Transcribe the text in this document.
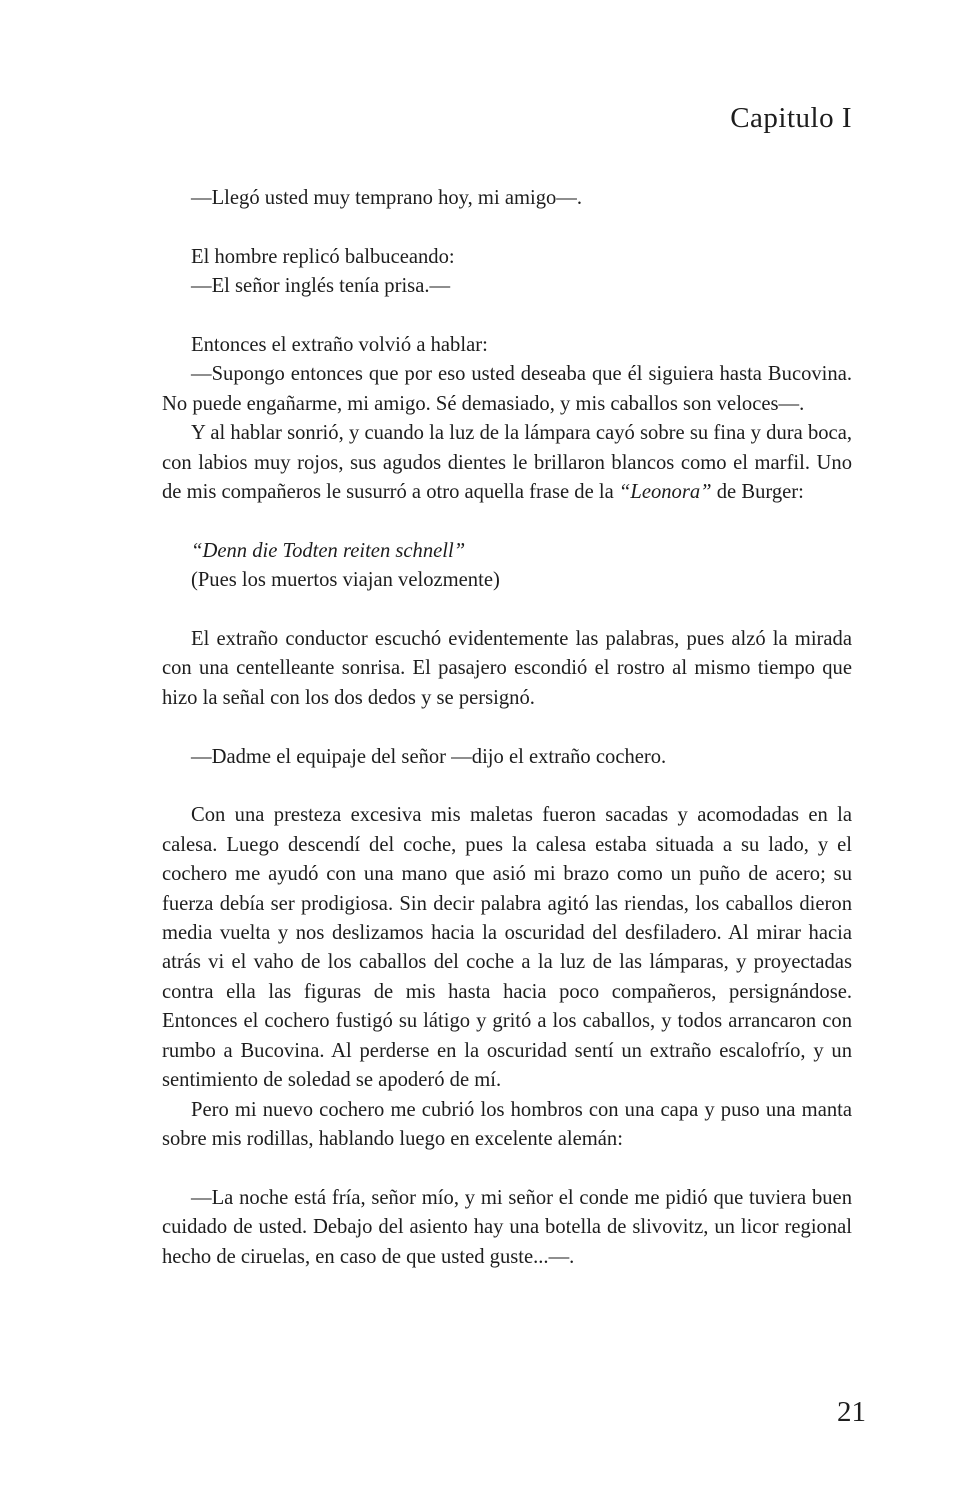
Capitulo I

—Llegó usted muy temprano hoy, mi amigo—.

El hombre replicó balbuceando:

—El señor inglés tenía prisa.—

Entonces el extraño volvió a hablar:

—Supongo entonces que por eso usted deseaba que él siguiera hasta Bucovina. No puede engañarme, mi amigo. Sé demasiado, y mis caballos son veloces—.

Y al hablar sonrió, y cuando la luz de la lámpara cayó sobre su fina y dura boca, con labios muy rojos, sus agudos dientes le brillaron blancos como el marfil. Uno de mis compañeros le susurró a otro aquella frase de la “Leonora” de Burger:

“Denn die Todten reiten schnell”

(Pues los muertos viajan velozmente)

El extraño conductor escuchó evidentemente las palabras, pues alzó la mirada con una centelleante sonrisa. El pasajero escondió el rostro al mismo tiempo que hizo la señal con los dos dedos y se persignó.

—Dadme el equipaje del señor —dijo el extraño cochero.

Con una presteza excesiva mis maletas fueron sacadas y acomodadas en la calesa. Luego descendí del coche, pues la calesa estaba situada a su lado, y el cochero me ayudó con una mano que asió mi brazo como un puño de acero; su fuerza debía ser prodigiosa. Sin decir palabra agitó las riendas, los caballos dieron media vuelta y nos deslizamos hacia la oscuridad del desfiladero. Al mirar hacia atrás vi el vaho de los caballos del coche a la luz de las lámparas, y proyectadas contra ella las figuras de mis hasta hacia poco compañeros, persignándose. Entonces el cochero fustigó su látigo y gritó a los caballos, y todos arrancaron con rumbo a Bucovina. Al perderse en la oscuridad sentí un extraño escalofrío, y un sentimiento de soledad se apoderó de mí.

Pero mi nuevo cochero me cubrió los hombros con una capa y puso una manta sobre mis rodillas, hablando luego en excelente alemán:

—La noche está fría, señor mío, y mi señor el conde me pidió que tuviera buen cuidado de usted. Debajo del asiento hay una botella de slivovitz, un licor regional hecho de ciruelas, en caso de que usted guste...—.

21
